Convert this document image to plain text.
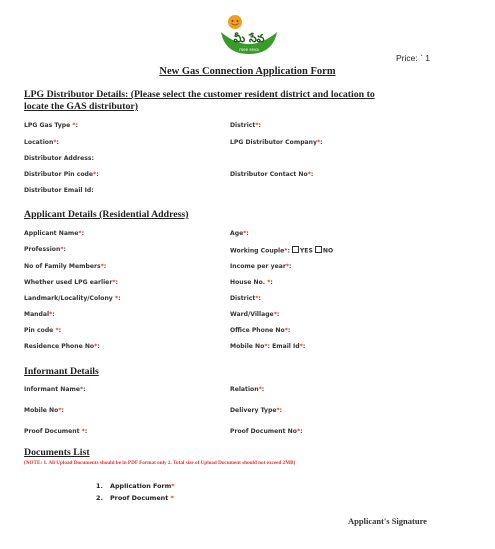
మీ సేవ
mee seva
Price: ` 1
New Gas Connection Application Form
LPG Distributor Details: (Please select the customer resident district and location to
locate the GAS distributor)
LPG Gas Type *:	District*:
Location*:	LPG Distributor Company*:
Distributor Address:
Distributor Pin code*:	Distributor Contact No*:
Distributor Email Id:
Applicant Details (Residential Address)
Applicant Name*:	Age*:
Profession*:	Working Couple*: YES NO
No of Family Members*:	Income per year*:
Whether used LPG earlier*:	House No. *:
Landmark/Locality/Colony *:	District*:
Mandal*:	Ward/Village*:
Pin code *:	Office Phone No*:
Residence Phone No*:	Mobile No*: Email Id*:
Informant Details
Informant Name*:	Relation*:
Mobile No*:	Delivery Type*:
Proof Document *:	Proof Document No*:
Documents List
(NOTE: 1. All Upload Documents should be in PDF Format only 2. Total size of Upload Document should not exceed 2MB)
1. Application Form*
2. Proof Document *
Applicant's Signature
